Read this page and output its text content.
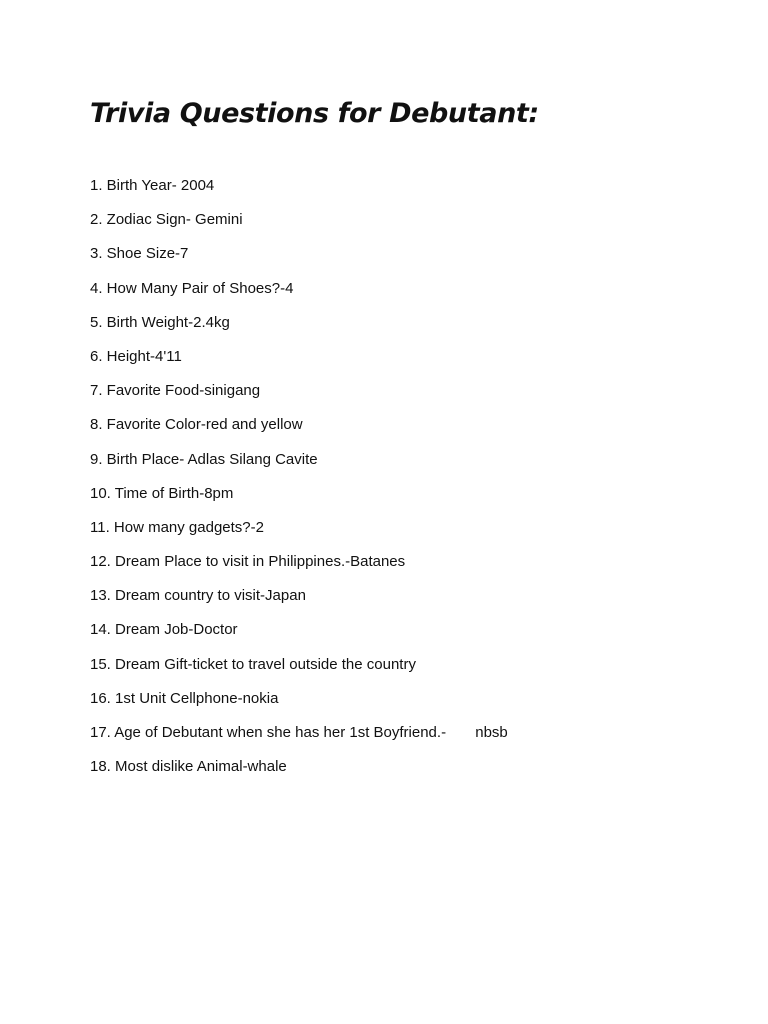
Trivia Questions for Debutant:
1. Birth Year- 2004
2. Zodiac Sign- Gemini
3. Shoe Size-7
4. How Many Pair of Shoes?-4
5. Birth Weight-2.4kg
6. Height-4'11
7. Favorite Food-sinigang
8. Favorite Color-red and yellow
9. Birth Place- Adlas Silang Cavite
10. Time of Birth-8pm
11. How many gadgets?-2
12. Dream Place to visit in Philippines.-Batanes
13. Dream country to visit-Japan
14. Dream Job-Doctor
15. Dream Gift-ticket to travel outside the country
16. 1st Unit Cellphone-nokia
17. Age of Debutant when she has her 1st Boyfriend.-       nbsb
18. Most dislike Animal-whale
